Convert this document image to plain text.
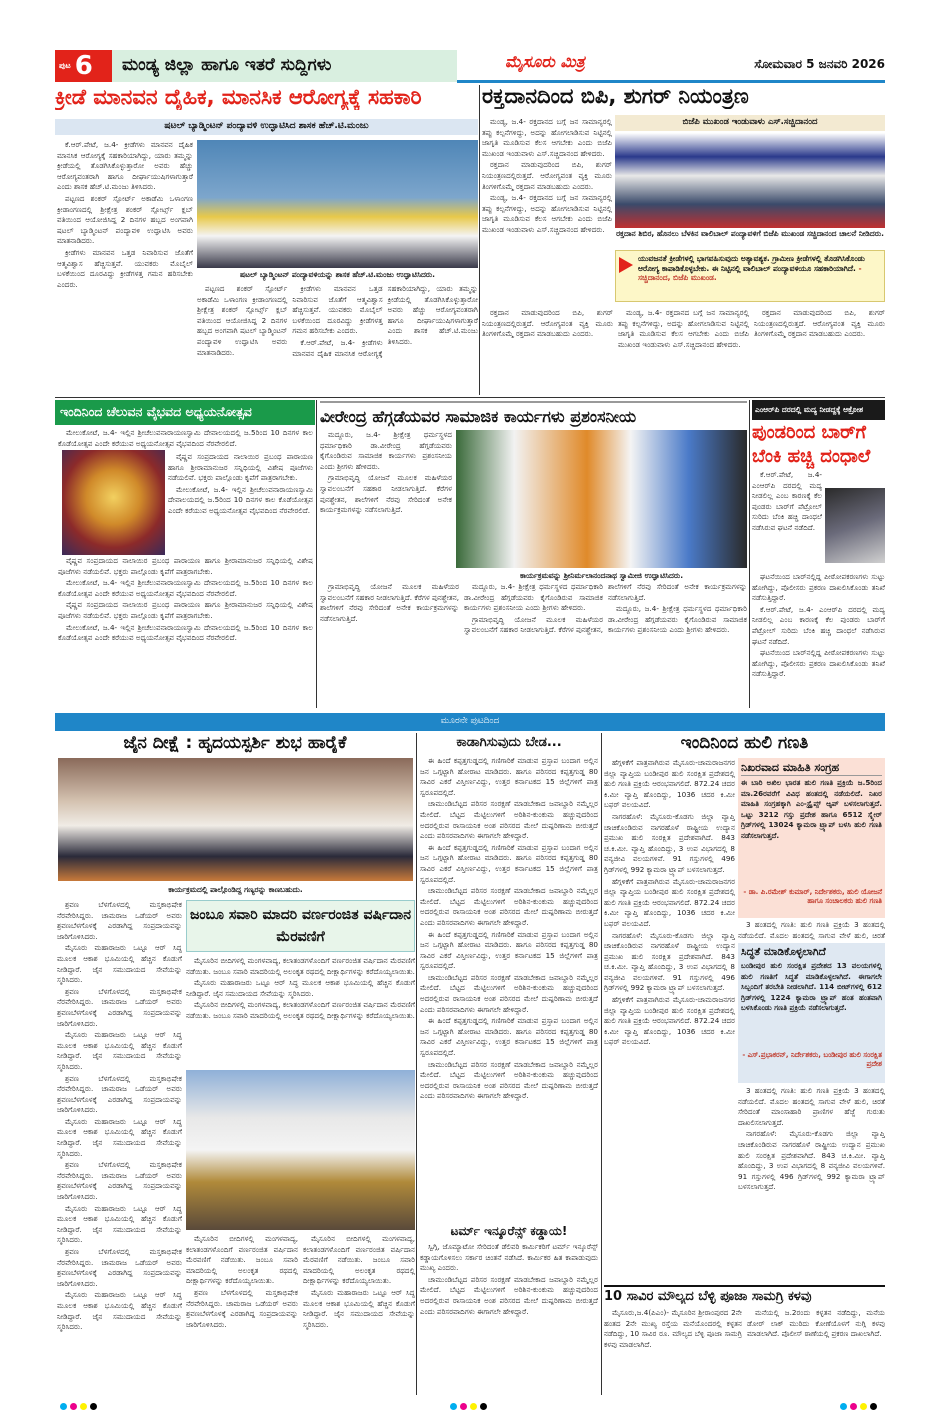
ಪುಟ 6	ಮಂಡ್ಯ ಜಿಲ್ಲಾ ಹಾಗೂ ಇತರೆ ಸುದ್ದಿಗಳು	ಮೈಸೂರು ಮಿತ್ರ	ಸೋಮವಾರ 5 ಜನವರಿ 2026
ಕ್ರೀಡೆ ಮಾನವನ ದೈಹಿಕ, ಮಾನಸಿಕ ಆರೋಗ್ಯಕ್ಕೆ ಸಹಕಾರಿ
ಷಟಲ್ ಬ್ಯಾಡ್ಮಿಂಟನ್ ಪಂದ್ಯಾವಳಿ ಉದ್ಘಾಟಿಸಿದ ಶಾಸಕ ಹೆಚ್.ಟಿ.ಮಂಜು

ಕೆ.ಆರ್.ಪೇಟೆ, ಜ.4- ಕ್ರೀಡೆಗಳು ಮಾನವನ ದೈಹಿಕ ಮಾನಸಿಕ ಆರೋಗ್ಯಕ್ಕೆ ಸಹಕಾರಿಯಾಗಿದ್ದು, ಯಾರು ತಮ್ಮನ್ನು ಕ್ರೀಡೆಯಲ್ಲಿ ತೊಡಗಿಸಿಕೊಳ್ಳುತ್ತಾರೋ ಅವರು ಹೆಚ್ಚು ಆರೋಗ್ಯವಂತರಾಗಿ ಹಾಗೂ ದೀರ್ಘಾಯುಷಿಗಳಾಗುತ್ತಾರೆ ಎಂದು ಶಾಸಕ ಹೆಚ್.ಟಿ.ಮಂಜು ತಿಳಿಸಿದರು.

ಪಟ್ಟಣದ ಶಂಕರ್ ಸ್ಪೋರ್ಟ್ ಅಕಾಡೆಮಿ ಒಳಾಂಗಣ ಕ್ರೀಡಾಂಗಣದಲ್ಲಿ ಶ್ರೀಕ್ಷೇತ್ರ ಶಂಕರ್ ಸ್ಪೋರ್ಟ್ಸ್ ಕ್ಲಬ್ ವತಿಯಿಂದ ಆಯೋಜಿಸಿದ್ದ 2 ದಿನಗಳ ಹಬ್ಬದ ಅಂಗವಾಗಿ ಷಟಲ್ ಬ್ಯಾಡ್ಮಿಂಟನ್ ಪಂದ್ಯಾವಳಿ ಉದ್ಘಾಟಿಸಿ ಅವರು ಮಾತನಾಡಿದರು.

ಕ್ರೀಡೆಗಳು ಮಾನವನ ಒತ್ತಡ ನಿವಾರಿಸುವ ಜೊತೆಗೆ ಆತ್ಮವಿಶ್ವಾಸ ಹೆಚ್ಚಿಸುತ್ತವೆ. ಯುವಕರು ಮೊಬೈಲ್ ಬಳಕೆಯಿಂದ ದೂರವಿದ್ದು ಕ್ರೀಡೆಗಳತ್ತ ಗಮನ ಹರಿಸಬೇಕು ಎಂದರು.

ಷಟಲ್ ಬ್ಯಾಡ್ಮಿಂಟನ್ ಪಂದ್ಯಾವಳಿಯನ್ನು ಶಾಸಕ ಹೆಚ್.ಟಿ.ಮಂಜು ಉದ್ಘಾಟಿಸಿದರು.

ಪಟ್ಟಣದ ಶಂಕರ್ ಸ್ಪೋರ್ಟ್ ಅಕಾಡೆಮಿ ಒಳಾಂಗಣ ಕ್ರೀಡಾಂಗಣದಲ್ಲಿ ಶ್ರೀಕ್ಷೇತ್ರ ಶಂಕರ್ ಸ್ಪೋರ್ಟ್ಸ್ ಕ್ಲಬ್ ವತಿಯಿಂದ ಆಯೋಜಿಸಿದ್ದ 2 ದಿನಗಳ ಹಬ್ಬದ ಅಂಗವಾಗಿ ಷಟಲ್ ಬ್ಯಾಡ್ಮಿಂಟನ್ ಪಂದ್ಯಾವಳಿ ಉದ್ಘಾಟಿಸಿ ಅವರು ಮಾತನಾಡಿದರು.

ಕ್ರೀಡೆಗಳು ಮಾನವನ ಒತ್ತಡ ನಿವಾರಿಸುವ ಜೊತೆಗೆ ಆತ್ಮವಿಶ್ವಾಸ ಹೆಚ್ಚಿಸುತ್ತವೆ. ಯುವಕರು ಮೊಬೈಲ್ ಬಳಕೆಯಿಂದ ದೂರವಿದ್ದು ಕ್ರೀಡೆಗಳತ್ತ ಗಮನ ಹರಿಸಬೇಕು ಎಂದರು.

ಕೆ.ಆರ್.ಪೇಟೆ, ಜ.4- ಕ್ರೀಡೆಗಳು ಮಾನವನ ದೈಹಿಕ ಮಾನಸಿಕ ಆರೋಗ್ಯಕ್ಕೆ ಸಹಕಾರಿಯಾಗಿದ್ದು, ಯಾರು ತಮ್ಮನ್ನು ಕ್ರೀಡೆಯಲ್ಲಿ ತೊಡಗಿಸಿಕೊಳ್ಳುತ್ತಾರೋ ಅವರು ಹೆಚ್ಚು ಆರೋಗ್ಯವಂತರಾಗಿ ಹಾಗೂ ದೀರ್ಘಾಯುಷಿಗಳಾಗುತ್ತಾರೆ ಎಂದು ಶಾಸಕ ಹೆಚ್.ಟಿ.ಮಂಜು ತಿಳಿಸಿದರು.

ರಕ್ತದಾನದಿಂದ ಬಿಪಿ, ಶುಗರ್ ನಿಯಂತ್ರಣ

ಮಂಡ್ಯ, ಜ.4- ರಕ್ತದಾನದ ಬಗ್ಗೆ ಜನ ಸಾಮಾನ್ಯರಲ್ಲಿ ತಪ್ಪು ಕಲ್ಪನೆಗಳಿದ್ದು, ಅದನ್ನು ಹೋಗಲಾಡಿಸುವ ನಿಟ್ಟಿನಲ್ಲಿ ಜಾಗೃತಿ ಮೂಡಿಸುವ ಕೆಲಸ ಆಗಬೇಕು ಎಂದು ಬಿಜೆಪಿ ಮುಖಂಡ ಇಂಡುವಾಳು ಎಸ್.ಸಚ್ಚಿದಾನಂದ ಹೇಳಿದರು.

ರಕ್ತದಾನ ಮಾಡುವುದರಿಂದ ಬಿಪಿ, ಶುಗರ್ ನಿಯಂತ್ರಣದಲ್ಲಿರುತ್ತದೆ. ಆರೋಗ್ಯವಂತ ವ್ಯಕ್ತಿ ಮೂರು ತಿಂಗಳಿಗೊಮ್ಮೆ ರಕ್ತದಾನ ಮಾಡಬಹುದು ಎಂದರು.

ಮಂಡ್ಯ, ಜ.4- ರಕ್ತದಾನದ ಬಗ್ಗೆ ಜನ ಸಾಮಾನ್ಯರಲ್ಲಿ ತಪ್ಪು ಕಲ್ಪನೆಗಳಿದ್ದು, ಅದನ್ನು ಹೋಗಲಾಡಿಸುವ ನಿಟ್ಟಿನಲ್ಲಿ ಜಾಗೃತಿ ಮೂಡಿಸುವ ಕೆಲಸ ಆಗಬೇಕು ಎಂದು ಬಿಜೆಪಿ ಮುಖಂಡ ಇಂಡುವಾಳು ಎಸ್.ಸಚ್ಚಿದಾನಂದ ಹೇಳಿದರು.

ಬಿಜೆಪಿ ಮುಖಂಡ ಇಂಡುವಾಳು ಎಸ್.ಸಚ್ಚಿದಾನಂದ
ರಕ್ತದಾನ ಶಿಬಿರ, ಹೊನಲು ಬೆಳಕಿನ ವಾಲಿಬಾಲ್ ಪಂದ್ಯಾವಳಿಗೆ ಬಿಜೆಪಿ ಮುಖಂಡ ಸಚ್ಚಿದಾನಂದ ಚಾಲನೆ ನೀಡಿದರು.
ಯುವಜನತೆ ಕ್ರೀಡೆಗಳಲ್ಲಿ ಭಾಗವಹಿಸುವುದು ಅತ್ಯಾವಶ್ಯಕ. ಗ್ರಾಮೀಣ ಕ್ರೀಡೆಗಳಲ್ಲಿ ತೊಡಗಿಸಿಕೊಂಡು ಆರೋಗ್ಯ ಕಾಪಾಡಿಕೊಳ್ಳಬೇಕು. ಈ ನಿಟ್ಟಿನಲ್ಲಿ ವಾಲಿಬಾಲ್ ಪಂದ್ಯಾವಳಿಯೂ ಸಹಕಾರಿಯಾಗಿದೆ. - ಸಚ್ಚಿದಾನಂದ, ಬಿಜೆಪಿ ಮುಖಂಡ.

ರಕ್ತದಾನ ಮಾಡುವುದರಿಂದ ಬಿಪಿ, ಶುಗರ್ ನಿಯಂತ್ರಣದಲ್ಲಿರುತ್ತದೆ. ಆರೋಗ್ಯವಂತ ವ್ಯಕ್ತಿ ಮೂರು ತಿಂಗಳಿಗೊಮ್ಮೆ ರಕ್ತದಾನ ಮಾಡಬಹುದು ಎಂದರು.

ಮಂಡ್ಯ, ಜ.4- ರಕ್ತದಾನದ ಬಗ್ಗೆ ಜನ ಸಾಮಾನ್ಯರಲ್ಲಿ ತಪ್ಪು ಕಲ್ಪನೆಗಳಿದ್ದು, ಅದನ್ನು ಹೋಗಲಾಡಿಸುವ ನಿಟ್ಟಿನಲ್ಲಿ ಜಾಗೃತಿ ಮೂಡಿಸುವ ಕೆಲಸ ಆಗಬೇಕು ಎಂದು ಬಿಜೆಪಿ ಮುಖಂಡ ಇಂಡುವಾಳು ಎಸ್.ಸಚ್ಚಿದಾನಂದ ಹೇಳಿದರು.

ರಕ್ತದಾನ ಮಾಡುವುದರಿಂದ ಬಿಪಿ, ಶುಗರ್ ನಿಯಂತ್ರಣದಲ್ಲಿರುತ್ತದೆ. ಆರೋಗ್ಯವಂತ ವ್ಯಕ್ತಿ ಮೂರು ತಿಂಗಳಿಗೊಮ್ಮೆ ರಕ್ತದಾನ ಮಾಡಬಹುದು ಎಂದರು.

ಇಂದಿನಿಂದ ಚೆಲುವನ ವೈಭವದ ಅಧ್ಯಯನೋತ್ಸವ

ಮೇಲುಕೋಟೆ, ಜ.4- ಇಲ್ಲಿನ ಶ್ರೀಚೆಲುವನಾರಾಯಣಸ್ವಾಮಿ ದೇವಾಲಯದಲ್ಲಿ ಜ.5ರಿಂದ 10 ದಿನಗಳ ಕಾಲ ಕೊಡೆಯೋತ್ಸವ ಎಂದೇ ಕರೆಯುವ ಅಧ್ಯಯನೋತ್ಸವ ವೈಭವದಿಂದ ನೆರವೇರಲಿದೆ.

ವೈಷ್ಣವ ಸಂಪ್ರದಾಯದ ನಾಲಾಯಿರ ಪ್ರಬಂಧ ಪಾರಾಯಣ ಹಾಗೂ ಶ್ರೀರಾಮಾನುಜರ ಸನ್ನಿಧಿಯಲ್ಲಿ ವಿಶೇಷ ಪೂಜೆಗಳು ನಡೆಯಲಿವೆ. ಭಕ್ತರು ಪಾಲ್ಗೊಂಡು ಕೃಪೆಗೆ ಪಾತ್ರರಾಗಬೇಕು.

ಮೇಲುಕೋಟೆ, ಜ.4- ಇಲ್ಲಿನ ಶ್ರೀಚೆಲುವನಾರಾಯಣಸ್ವಾಮಿ ದೇವಾಲಯದಲ್ಲಿ ಜ.5ರಿಂದ 10 ದಿನಗಳ ಕಾಲ ಕೊಡೆಯೋತ್ಸವ ಎಂದೇ ಕರೆಯುವ ಅಧ್ಯಯನೋತ್ಸವ ವೈಭವದಿಂದ ನೆರವೇರಲಿದೆ.

ವೈಷ್ಣವ ಸಂಪ್ರದಾಯದ ನಾಲಾಯಿರ ಪ್ರಬಂಧ ಪಾರಾಯಣ ಹಾಗೂ ಶ್ರೀರಾಮಾನುಜರ ಸನ್ನಿಧಿಯಲ್ಲಿ ವಿಶೇಷ ಪೂಜೆಗಳು ನಡೆಯಲಿವೆ. ಭಕ್ತರು ಪಾಲ್ಗೊಂಡು ಕೃಪೆಗೆ ಪಾತ್ರರಾಗಬೇಕು.

ಮೇಲುಕೋಟೆ, ಜ.4- ಇಲ್ಲಿನ ಶ್ರೀಚೆಲುವನಾರಾಯಣಸ್ವಾಮಿ ದೇವಾಲಯದಲ್ಲಿ ಜ.5ರಿಂದ 10 ದಿನಗಳ ಕಾಲ ಕೊಡೆಯೋತ್ಸವ ಎಂದೇ ಕರೆಯುವ ಅಧ್ಯಯನೋತ್ಸವ ವೈಭವದಿಂದ ನೆರವೇರಲಿದೆ.

ವೈಷ್ಣವ ಸಂಪ್ರದಾಯದ ನಾಲಾಯಿರ ಪ್ರಬಂಧ ಪಾರಾಯಣ ಹಾಗೂ ಶ್ರೀರಾಮಾನುಜರ ಸನ್ನಿಧಿಯಲ್ಲಿ ವಿಶೇಷ ಪೂಜೆಗಳು ನಡೆಯಲಿವೆ. ಭಕ್ತರು ಪಾಲ್ಗೊಂಡು ಕೃಪೆಗೆ ಪಾತ್ರರಾಗಬೇಕು.

ಮೇಲುಕೋಟೆ, ಜ.4- ಇಲ್ಲಿನ ಶ್ರೀಚೆಲುವನಾರಾಯಣಸ್ವಾಮಿ ದೇವಾಲಯದಲ್ಲಿ ಜ.5ರಿಂದ 10 ದಿನಗಳ ಕಾಲ ಕೊಡೆಯೋತ್ಸವ ಎಂದೇ ಕರೆಯುವ ಅಧ್ಯಯನೋತ್ಸವ ವೈಭವದಿಂದ ನೆರವೇರಲಿದೆ.

ವೀರೇಂದ್ರ ಹೆಗ್ಗಡೆಯವರ ಸಾಮಾಜಿಕ ಕಾರ್ಯಗಳು ಪ್ರಶಂಸನೀಯ

ಮದ್ದೂರು, ಜ.4- ಶ್ರೀಕ್ಷೇತ್ರ ಧರ್ಮಸ್ಥಳದ ಧರ್ಮಾಧಿಕಾರಿ ಡಾ.ವೀರೇಂದ್ರ ಹೆಗ್ಗಡೆಯವರು ಕೈಗೊಂಡಿರುವ ಸಾಮಾಜಿಕ ಕಾರ್ಯಗಳು ಪ್ರಶಂಸನೀಯ ಎಂದು ಶ್ರೀಗಳು ಹೇಳಿದರು.

ಗ್ರಾಮಾಭಿವೃದ್ಧಿ ಯೋಜನೆ ಮೂಲಕ ಮಹಿಳೆಯರ ಸ್ವಾವಲಂಬನೆಗೆ ಸಹಕಾರ ನೀಡಲಾಗುತ್ತಿದೆ. ಕೆರೆಗಳ ಪುನಶ್ಚೇತನ, ಶಾಲೆಗಳಿಗೆ ನೆರವು ಸೇರಿದಂತೆ ಅನೇಕ ಕಾರ್ಯಕ್ರಮಗಳನ್ನು ನಡೆಸಲಾಗುತ್ತಿದೆ.

ಕಾರ್ಯಕ್ರಮವನ್ನು ಶ್ರೀನಿರ್ಮಲಾನಂದನಾಥ ಸ್ವಾಮೀಜಿ ಉದ್ಘಾಟಿಸಿದರು.

ಗ್ರಾಮಾಭಿವೃದ್ಧಿ ಯೋಜನೆ ಮೂಲಕ ಮಹಿಳೆಯರ ಸ್ವಾವಲಂಬನೆಗೆ ಸಹಕಾರ ನೀಡಲಾಗುತ್ತಿದೆ. ಕೆರೆಗಳ ಪುನಶ್ಚೇತನ, ಶಾಲೆಗಳಿಗೆ ನೆರವು ಸೇರಿದಂತೆ ಅನೇಕ ಕಾರ್ಯಕ್ರಮಗಳನ್ನು ನಡೆಸಲಾಗುತ್ತಿದೆ.

ಮದ್ದೂರು, ಜ.4- ಶ್ರೀಕ್ಷೇತ್ರ ಧರ್ಮಸ್ಥಳದ ಧರ್ಮಾಧಿಕಾರಿ ಡಾ.ವೀರೇಂದ್ರ ಹೆಗ್ಗಡೆಯವರು ಕೈಗೊಂಡಿರುವ ಸಾಮಾಜಿಕ ಕಾರ್ಯಗಳು ಪ್ರಶಂಸನೀಯ ಎಂದು ಶ್ರೀಗಳು ಹೇಳಿದರು.

ಗ್ರಾಮಾಭಿವೃದ್ಧಿ ಯೋಜನೆ ಮೂಲಕ ಮಹಿಳೆಯರ ಸ್ವಾವಲಂಬನೆಗೆ ಸಹಕಾರ ನೀಡಲಾಗುತ್ತಿದೆ. ಕೆರೆಗಳ ಪುನಶ್ಚೇತನ, ಶಾಲೆಗಳಿಗೆ ನೆರವು ಸೇರಿದಂತೆ ಅನೇಕ ಕಾರ್ಯಕ್ರಮಗಳನ್ನು ನಡೆಸಲಾಗುತ್ತಿದೆ.

ಮದ್ದೂರು, ಜ.4- ಶ್ರೀಕ್ಷೇತ್ರ ಧರ್ಮಸ್ಥಳದ ಧರ್ಮಾಧಿಕಾರಿ ಡಾ.ವೀರೇಂದ್ರ ಹೆಗ್ಗಡೆಯವರು ಕೈಗೊಂಡಿರುವ ಸಾಮಾಜಿಕ ಕಾರ್ಯಗಳು ಪ್ರಶಂಸನೀಯ ಎಂದು ಶ್ರೀಗಳು ಹೇಳಿದರು.

ಎಂಆರ್‌ಪಿ ದರದಲ್ಲಿ ಮದ್ಯ ನೀಡದ್ದಕ್ಕೆ ಆಕ್ರೋಶ
ಪುಂಡರಿಂದ ಬಾರ್‌ಗೆ ಬೆಂಕಿ ಹಚ್ಚಿ ದಂಧಾಲೆ

ಕೆ.ಆರ್.ಪೇಟೆ, ಜ.4- ಎಂಆರ್‌ಪಿ ದರದಲ್ಲಿ ಮದ್ಯ ನೀಡಲಿಲ್ಲ ಎಂಬ ಕಾರಣಕ್ಕೆ ಕೆಲ ಪುಂಡರು ಬಾರ್‌ಗೆ ಪೆಟ್ರೋಲ್ ಸುರಿದು ಬೆಂಕಿ ಹಚ್ಚಿ ದಾಂಧಲೆ ನಡೆಸಿರುವ ಘಟನೆ ನಡೆದಿದೆ.

ಘಟನೆಯಿಂದ ಬಾರ್‌ನಲ್ಲಿದ್ದ ಪೀಠೋಪಕರಣಗಳು ಸುಟ್ಟು ಹೋಗಿದ್ದು, ಪೊಲೀಸರು ಪ್ರಕರಣ ದಾಖಲಿಸಿಕೊಂಡು ತನಿಖೆ ನಡೆಸುತ್ತಿದ್ದಾರೆ.

ಕೆ.ಆರ್.ಪೇಟೆ, ಜ.4- ಎಂಆರ್‌ಪಿ ದರದಲ್ಲಿ ಮದ್ಯ ನೀಡಲಿಲ್ಲ ಎಂಬ ಕಾರಣಕ್ಕೆ ಕೆಲ ಪುಂಡರು ಬಾರ್‌ಗೆ ಪೆಟ್ರೋಲ್ ಸುರಿದು ಬೆಂಕಿ ಹಚ್ಚಿ ದಾಂಧಲೆ ನಡೆಸಿರುವ ಘಟನೆ ನಡೆದಿದೆ.

ಘಟನೆಯಿಂದ ಬಾರ್‌ನಲ್ಲಿದ್ದ ಪೀಠೋಪಕರಣಗಳು ಸುಟ್ಟು ಹೋಗಿದ್ದು, ಪೊಲೀಸರು ಪ್ರಕರಣ ದಾಖಲಿಸಿಕೊಂಡು ತನಿಖೆ ನಡೆಸುತ್ತಿದ್ದಾರೆ.

ಮೂರನೇ ಪುಟದಿಂದ
ಜೈನ ದೀಕ್ಷೆ : ಹೃದಯಸ್ಪರ್ಶಿ ಶುಭ ಹಾರೈಕೆ
ಕಾರ್ಯಕ್ರಮದಲ್ಲಿ ಪಾಲ್ಗೊಂಡಿದ್ದ ಗಣ್ಯರನ್ನು ಕಾಣಬಹುದು.

ಶ್ರವಣ ಬೆಳಗೊಳದಲ್ಲಿ ಮಸ್ತಕಾಭಿಷೇಕ ನೆರವೇರಿಸಿದ್ದರು. ಚಾಮರಾಜ ಒಡೆಯರ್ ಅವರು ಶ್ರವಣಬೆಳಗೊಳಕ್ಕೆ ಎರಡಾಗಿದ್ದ ಸಂಪ್ರದಾಯವನ್ನು ಜಾರಿಗೊಳಿಸಿದರು.

ಮೈಸೂರು ಮಹಾರಾಜರು ಒಟ್ಟೂ ಆರ್ ಸಿದ್ಧ ಮೂಲಕ ಆಕಾಶ ಭೂಮಿಯಲ್ಲಿ ಹೆಚ್ಚಿನ ಕೊಡುಗೆ ನೀಡಿದ್ದಾರೆ. ಜೈನ ಸಮುದಾಯದ ಸೇವೆಯನ್ನು ಸ್ಮರಿಸಿದರು.

ಶ್ರವಣ ಬೆಳಗೊಳದಲ್ಲಿ ಮಸ್ತಕಾಭಿಷೇಕ ನೆರವೇರಿಸಿದ್ದರು. ಚಾಮರಾಜ ಒಡೆಯರ್ ಅವರು ಶ್ರವಣಬೆಳಗೊಳಕ್ಕೆ ಎರಡಾಗಿದ್ದ ಸಂಪ್ರದಾಯವನ್ನು ಜಾರಿಗೊಳಿಸಿದರು.

ಮೈಸೂರು ಮಹಾರಾಜರು ಒಟ್ಟೂ ಆರ್ ಸಿದ್ಧ ಮೂಲಕ ಆಕಾಶ ಭೂಮಿಯಲ್ಲಿ ಹೆಚ್ಚಿನ ಕೊಡುಗೆ ನೀಡಿದ್ದಾರೆ. ಜೈನ ಸಮುದಾಯದ ಸೇವೆಯನ್ನು ಸ್ಮರಿಸಿದರು.

ಶ್ರವಣ ಬೆಳಗೊಳದಲ್ಲಿ ಮಸ್ತಕಾಭಿಷೇಕ ನೆರವೇರಿಸಿದ್ದರು. ಚಾಮರಾಜ ಒಡೆಯರ್ ಅವರು ಶ್ರವಣಬೆಳಗೊಳಕ್ಕೆ ಎರಡಾಗಿದ್ದ ಸಂಪ್ರದಾಯವನ್ನು ಜಾರಿಗೊಳಿಸಿದರು.

ಮೈಸೂರು ಮಹಾರಾಜರು ಒಟ್ಟೂ ಆರ್ ಸಿದ್ಧ ಮೂಲಕ ಆಕಾಶ ಭೂಮಿಯಲ್ಲಿ ಹೆಚ್ಚಿನ ಕೊಡುಗೆ ನೀಡಿದ್ದಾರೆ. ಜೈನ ಸಮುದಾಯದ ಸೇವೆಯನ್ನು ಸ್ಮರಿಸಿದರು.

ಶ್ರವಣ ಬೆಳಗೊಳದಲ್ಲಿ ಮಸ್ತಕಾಭಿಷೇಕ ನೆರವೇರಿಸಿದ್ದರು. ಚಾಮರಾಜ ಒಡೆಯರ್ ಅವರು ಶ್ರವಣಬೆಳಗೊಳಕ್ಕೆ ಎರಡಾಗಿದ್ದ ಸಂಪ್ರದಾಯವನ್ನು ಜಾರಿಗೊಳಿಸಿದರು.

ಮೈಸೂರು ಮಹಾರಾಜರು ಒಟ್ಟೂ ಆರ್ ಸಿದ್ಧ ಮೂಲಕ ಆಕಾಶ ಭೂಮಿಯಲ್ಲಿ ಹೆಚ್ಚಿನ ಕೊಡುಗೆ ನೀಡಿದ್ದಾರೆ. ಜೈನ ಸಮುದಾಯದ ಸೇವೆಯನ್ನು ಸ್ಮರಿಸಿದರು.

ಶ್ರವಣ ಬೆಳಗೊಳದಲ್ಲಿ ಮಸ್ತಕಾಭಿಷೇಕ ನೆರವೇರಿಸಿದ್ದರು. ಚಾಮರಾಜ ಒಡೆಯರ್ ಅವರು ಶ್ರವಣಬೆಳಗೊಳಕ್ಕೆ ಎರಡಾಗಿದ್ದ ಸಂಪ್ರದಾಯವನ್ನು ಜಾರಿಗೊಳಿಸಿದರು.

ಮೈಸೂರು ಮಹಾರಾಜರು ಒಟ್ಟೂ ಆರ್ ಸಿದ್ಧ ಮೂಲಕ ಆಕಾಶ ಭೂಮಿಯಲ್ಲಿ ಹೆಚ್ಚಿನ ಕೊಡುಗೆ ನೀಡಿದ್ದಾರೆ. ಜೈನ ಸಮುದಾಯದ ಸೇವೆಯನ್ನು ಸ್ಮರಿಸಿದರು.

ಜಂಬೂ ಸವಾರಿ ಮಾದರಿ ವರ್ಣರಂಜಿತ ವರ್ಷಿದಾನ ಮೆರವಣಿಗೆ

ಮೈಸೂರಿನ ಬೀದಿಗಳಲ್ಲಿ ಮಂಗಳವಾದ್ಯ, ಕಲಾತಂಡಗಳೊಂದಿಗೆ ವರ್ಣರಂಜಿತ ವರ್ಷಿದಾನ ಮೆರವಣಿಗೆ ನಡೆಯಿತು. ಜಂಬೂ ಸವಾರಿ ಮಾದರಿಯಲ್ಲಿ ಅಲಂಕೃತ ರಥದಲ್ಲಿ ದೀಕ್ಷಾರ್ಥಿಗಳನ್ನು ಕರೆದೊಯ್ಯಲಾಯಿತು.

ಮೈಸೂರು ಮಹಾರಾಜರು ಒಟ್ಟೂ ಆರ್ ಸಿದ್ಧ ಮೂಲಕ ಆಕಾಶ ಭೂಮಿಯಲ್ಲಿ ಹೆಚ್ಚಿನ ಕೊಡುಗೆ ನೀಡಿದ್ದಾರೆ. ಜೈನ ಸಮುದಾಯದ ಸೇವೆಯನ್ನು ಸ್ಮರಿಸಿದರು.

ಮೈಸೂರಿನ ಬೀದಿಗಳಲ್ಲಿ ಮಂಗಳವಾದ್ಯ, ಕಲಾತಂಡಗಳೊಂದಿಗೆ ವರ್ಣರಂಜಿತ ವರ್ಷಿದಾನ ಮೆರವಣಿಗೆ ನಡೆಯಿತು. ಜಂಬೂ ಸವಾರಿ ಮಾದರಿಯಲ್ಲಿ ಅಲಂಕೃತ ರಥದಲ್ಲಿ ದೀಕ್ಷಾರ್ಥಿಗಳನ್ನು ಕರೆದೊಯ್ಯಲಾಯಿತು.

ಮೈಸೂರಿನ ಬೀದಿಗಳಲ್ಲಿ ಮಂಗಳವಾದ್ಯ, ಕಲಾತಂಡಗಳೊಂದಿಗೆ ವರ್ಣರಂಜಿತ ವರ್ಷಿದಾನ ಮೆರವಣಿಗೆ ನಡೆಯಿತು. ಜಂಬೂ ಸವಾರಿ ಮಾದರಿಯಲ್ಲಿ ಅಲಂಕೃತ ರಥದಲ್ಲಿ ದೀಕ್ಷಾರ್ಥಿಗಳನ್ನು ಕರೆದೊಯ್ಯಲಾಯಿತು.

ಶ್ರವಣ ಬೆಳಗೊಳದಲ್ಲಿ ಮಸ್ತಕಾಭಿಷೇಕ ನೆರವೇರಿಸಿದ್ದರು. ಚಾಮರಾಜ ಒಡೆಯರ್ ಅವರು ಶ್ರವಣಬೆಳಗೊಳಕ್ಕೆ ಎರಡಾಗಿದ್ದ ಸಂಪ್ರದಾಯವನ್ನು ಜಾರಿಗೊಳಿಸಿದರು.

ಮೈಸೂರಿನ ಬೀದಿಗಳಲ್ಲಿ ಮಂಗಳವಾದ್ಯ, ಕಲಾತಂಡಗಳೊಂದಿಗೆ ವರ್ಣರಂಜಿತ ವರ್ಷಿದಾನ ಮೆರವಣಿಗೆ ನಡೆಯಿತು. ಜಂಬೂ ಸವಾರಿ ಮಾದರಿಯಲ್ಲಿ ಅಲಂಕೃತ ರಥದಲ್ಲಿ ದೀಕ್ಷಾರ್ಥಿಗಳನ್ನು ಕರೆದೊಯ್ಯಲಾಯಿತು.

ಮೈಸೂರು ಮಹಾರಾಜರು ಒಟ್ಟೂ ಆರ್ ಸಿದ್ಧ ಮೂಲಕ ಆಕಾಶ ಭೂಮಿಯಲ್ಲಿ ಹೆಚ್ಚಿನ ಕೊಡುಗೆ ನೀಡಿದ್ದಾರೆ. ಜೈನ ಸಮುದಾಯದ ಸೇವೆಯನ್ನು ಸ್ಮರಿಸಿದರು.

ಕಾಡಾಗಿಸುವುದು ಬೇಡ...

ಈ ಹಿಂದೆ ಕಪ್ಪತ್ತಗುಡ್ಡದಲ್ಲಿ ಗಣಿಗಾರಿಕೆ ಮಾಡುವ ಪ್ರಸ್ತಾಪ ಬಂದಾಗ ಅಲ್ಲಿನ ಜನ ಒಗ್ಗಟ್ಟಾಗಿ ಹೋರಾಟ ಮಾಡಿದರು. ಹಾಗೂ ಪರಿಸರದ ಕಪ್ಪತ್ತಗುಡ್ಡ 80 ಸಾವಿರ ಎಕರೆ ವಿಸ್ತೀರ್ಣವಿದ್ದು, ಉತ್ತರ ಕರ್ನಾಟಕದ 15 ಜಿಲ್ಲೆಗಳಿಗೆ ಪಾತ್ರ ಸ್ವರೂಪದಲ್ಲಿದೆ.

ಚಾಮುಂಡಿಬೆಟ್ಟದ ಪರಿಸರ ಸಂರಕ್ಷಣೆ ಮಾಡಬೇಕಾದ ಜವಾಬ್ದಾರಿ ನಮ್ಮೆಲ್ಲರ ಮೇಲಿದೆ. ಬೆಟ್ಟದ ಮೆಟ್ಟಿಲುಗಳಿಗೆ ಅರಿಶಿನ-ಕುಂಕುಮ ಹಚ್ಚುವುದರಿಂದ ಅದರಲ್ಲಿರುವ ರಾಸಾಯನಿಕ ಅಂಶ ಪರಿಸರದ ಮೇಲೆ ದುಷ್ಪರಿಣಾಮ ಬೀರುತ್ತದೆ ಎಂದು ಪರಿಸರವಾದಿಗಳು ಈಗಾಗಲೇ ಹೇಳಿದ್ದಾರೆ.

ಈ ಹಿಂದೆ ಕಪ್ಪತ್ತಗುಡ್ಡದಲ್ಲಿ ಗಣಿಗಾರಿಕೆ ಮಾಡುವ ಪ್ರಸ್ತಾಪ ಬಂದಾಗ ಅಲ್ಲಿನ ಜನ ಒಗ್ಗಟ್ಟಾಗಿ ಹೋರಾಟ ಮಾಡಿದರು. ಹಾಗೂ ಪರಿಸರದ ಕಪ್ಪತ್ತಗುಡ್ಡ 80 ಸಾವಿರ ಎಕರೆ ವಿಸ್ತೀರ್ಣವಿದ್ದು, ಉತ್ತರ ಕರ್ನಾಟಕದ 15 ಜಿಲ್ಲೆಗಳಿಗೆ ಪಾತ್ರ ಸ್ವರೂಪದಲ್ಲಿದೆ.

ಚಾಮುಂಡಿಬೆಟ್ಟದ ಪರಿಸರ ಸಂರಕ್ಷಣೆ ಮಾಡಬೇಕಾದ ಜವಾಬ್ದಾರಿ ನಮ್ಮೆಲ್ಲರ ಮೇಲಿದೆ. ಬೆಟ್ಟದ ಮೆಟ್ಟಿಲುಗಳಿಗೆ ಅರಿಶಿನ-ಕುಂಕುಮ ಹಚ್ಚುವುದರಿಂದ ಅದರಲ್ಲಿರುವ ರಾಸಾಯನಿಕ ಅಂಶ ಪರಿಸರದ ಮೇಲೆ ದುಷ್ಪರಿಣಾಮ ಬೀರುತ್ತದೆ ಎಂದು ಪರಿಸರವಾದಿಗಳು ಈಗಾಗಲೇ ಹೇಳಿದ್ದಾರೆ.

ಈ ಹಿಂದೆ ಕಪ್ಪತ್ತಗುಡ್ಡದಲ್ಲಿ ಗಣಿಗಾರಿಕೆ ಮಾಡುವ ಪ್ರಸ್ತಾಪ ಬಂದಾಗ ಅಲ್ಲಿನ ಜನ ಒಗ್ಗಟ್ಟಾಗಿ ಹೋರಾಟ ಮಾಡಿದರು. ಹಾಗೂ ಪರಿಸರದ ಕಪ್ಪತ್ತಗುಡ್ಡ 80 ಸಾವಿರ ಎಕರೆ ವಿಸ್ತೀರ್ಣವಿದ್ದು, ಉತ್ತರ ಕರ್ನಾಟಕದ 15 ಜಿಲ್ಲೆಗಳಿಗೆ ಪಾತ್ರ ಸ್ವರೂಪದಲ್ಲಿದೆ.

ಚಾಮುಂಡಿಬೆಟ್ಟದ ಪರಿಸರ ಸಂರಕ್ಷಣೆ ಮಾಡಬೇಕಾದ ಜವಾಬ್ದಾರಿ ನಮ್ಮೆಲ್ಲರ ಮೇಲಿದೆ. ಬೆಟ್ಟದ ಮೆಟ್ಟಿಲುಗಳಿಗೆ ಅರಿಶಿನ-ಕುಂಕುಮ ಹಚ್ಚುವುದರಿಂದ ಅದರಲ್ಲಿರುವ ರಾಸಾಯನಿಕ ಅಂಶ ಪರಿಸರದ ಮೇಲೆ ದುಷ್ಪರಿಣಾಮ ಬೀರುತ್ತದೆ ಎಂದು ಪರಿಸರವಾದಿಗಳು ಈಗಾಗಲೇ ಹೇಳಿದ್ದಾರೆ.

ಈ ಹಿಂದೆ ಕಪ್ಪತ್ತಗುಡ್ಡದಲ್ಲಿ ಗಣಿಗಾರಿಕೆ ಮಾಡುವ ಪ್ರಸ್ತಾಪ ಬಂದಾಗ ಅಲ್ಲಿನ ಜನ ಒಗ್ಗಟ್ಟಾಗಿ ಹೋರಾಟ ಮಾಡಿದರು. ಹಾಗೂ ಪರಿಸರದ ಕಪ್ಪತ್ತಗುಡ್ಡ 80 ಸಾವಿರ ಎಕರೆ ವಿಸ್ತೀರ್ಣವಿದ್ದು, ಉತ್ತರ ಕರ್ನಾಟಕದ 15 ಜಿಲ್ಲೆಗಳಿಗೆ ಪಾತ್ರ ಸ್ವರೂಪದಲ್ಲಿದೆ.

ಚಾಮುಂಡಿಬೆಟ್ಟದ ಪರಿಸರ ಸಂರಕ್ಷಣೆ ಮಾಡಬೇಕಾದ ಜವಾಬ್ದಾರಿ ನಮ್ಮೆಲ್ಲರ ಮೇಲಿದೆ. ಬೆಟ್ಟದ ಮೆಟ್ಟಿಲುಗಳಿಗೆ ಅರಿಶಿನ-ಕುಂಕುಮ ಹಚ್ಚುವುದರಿಂದ ಅದರಲ್ಲಿರುವ ರಾಸಾಯನಿಕ ಅಂಶ ಪರಿಸರದ ಮೇಲೆ ದುಷ್ಪರಿಣಾಮ ಬೀರುತ್ತದೆ ಎಂದು ಪರಿಸರವಾದಿಗಳು ಈಗಾಗಲೇ ಹೇಳಿದ್ದಾರೆ.

ಟರ್ಮ್ ಇನ್ಶೂರೆನ್ಸ್ ಕಡ್ಡಾಯ!

ಸ್ವಿಗ್ಗಿ, ಜೊಮ್ಯಾಟೋ ಸೇರಿದಂತೆ ಡೆಲಿವರಿ ಕಾರ್ಮಿಕರಿಗೆ ಟರ್ಮ್ ಇನ್ಶೂರೆನ್ಸ್ ಕಡ್ಡಾಯಗೊಳಿಸಲು ಸರ್ಕಾರ ಚಿಂತನೆ ನಡೆಸಿದೆ. ಕಾರ್ಮಿಕರ ಹಿತ ಕಾಪಾಡುವುದು ಮುಖ್ಯ ಎಂದರು.

ಚಾಮುಂಡಿಬೆಟ್ಟದ ಪರಿಸರ ಸಂರಕ್ಷಣೆ ಮಾಡಬೇಕಾದ ಜವಾಬ್ದಾರಿ ನಮ್ಮೆಲ್ಲರ ಮೇಲಿದೆ. ಬೆಟ್ಟದ ಮೆಟ್ಟಿಲುಗಳಿಗೆ ಅರಿಶಿನ-ಕುಂಕುಮ ಹಚ್ಚುವುದರಿಂದ ಅದರಲ್ಲಿರುವ ರಾಸಾಯನಿಕ ಅಂಶ ಪರಿಸರದ ಮೇಲೆ ದುಷ್ಪರಿಣಾಮ ಬೀರುತ್ತದೆ ಎಂದು ಪರಿಸರವಾದಿಗಳು ಈಗಾಗಲೇ ಹೇಳಿದ್ದಾರೆ.

ಇಂದಿನಿಂದ ಹುಲಿ ಗಣತಿ

ಹೆಗ್ಗಳಿಕೆಗೆ ಪಾತ್ರವಾಗಿರುವ ಮೈಸೂರು-ಚಾಮರಾಜನಗರ ಜಿಲ್ಲಾ ವ್ಯಾಪ್ತಿಯ ಬಂಡೀಪುರ ಹುಲಿ ಸಂರಕ್ಷಿತ ಪ್ರದೇಶದಲ್ಲಿ ಹುಲಿ ಗಣತಿ ಪ್ರಕ್ರಿಯೆ ಆರಂಭವಾಗಲಿದೆ. 872.24 ಚದರ ಕಿ.ಮೀ ವ್ಯಾಪ್ತಿ ಹೊಂದಿದ್ದು, 1036 ಚದರ ಕಿ.ಮೀ ಬಫರ್ ವಲಯವಿದೆ.

ನಾಗರಹೊಳೆ: ಮೈಸೂರು-ಕೊಡಗು ಜಿಲ್ಲಾ ವ್ಯಾಪ್ತಿ ಚಾಚಿಕೊಂಡಿರುವ ನಾಗರಹೊಳೆ ರಾಷ್ಟ್ರೀಯ ಉದ್ಯಾನ ಪ್ರಮುಖ ಹುಲಿ ಸಂರಕ್ಷಿತ ಪ್ರದೇಶವಾಗಿದೆ. 843 ಚ.ಕಿ.ಮೀ. ವ್ಯಾಪ್ತಿ ಹೊಂದಿದ್ದು, 3 ಉಪ ವಿಭಾಗದಲ್ಲಿ 8 ವನ್ಯಜೀವಿ ವಲಯಗಳಿವೆ. 91 ಗಸ್ತುಗಳಲ್ಲಿ 496 ಗ್ರಿಡ್‌ಗಳಲ್ಲಿ 992 ಕ್ಯಾಮರಾ ಟ್ರ್ಯಾಪ್ ಬಳಸಲಾಗುತ್ತದೆ.

ಹೆಗ್ಗಳಿಕೆಗೆ ಪಾತ್ರವಾಗಿರುವ ಮೈಸೂರು-ಚಾಮರಾಜನಗರ ಜಿಲ್ಲಾ ವ್ಯಾಪ್ತಿಯ ಬಂಡೀಪುರ ಹುಲಿ ಸಂರಕ್ಷಿತ ಪ್ರದೇಶದಲ್ಲಿ ಹುಲಿ ಗಣತಿ ಪ್ರಕ್ರಿಯೆ ಆರಂಭವಾಗಲಿದೆ. 872.24 ಚದರ ಕಿ.ಮೀ ವ್ಯಾಪ್ತಿ ಹೊಂದಿದ್ದು, 1036 ಚದರ ಕಿ.ಮೀ ಬಫರ್ ವಲಯವಿದೆ.

ನಾಗರಹೊಳೆ: ಮೈಸೂರು-ಕೊಡಗು ಜಿಲ್ಲಾ ವ್ಯಾಪ್ತಿ ಚಾಚಿಕೊಂಡಿರುವ ನಾಗರಹೊಳೆ ರಾಷ್ಟ್ರೀಯ ಉದ್ಯಾನ ಪ್ರಮುಖ ಹುಲಿ ಸಂರಕ್ಷಿತ ಪ್ರದೇಶವಾಗಿದೆ. 843 ಚ.ಕಿ.ಮೀ. ವ್ಯಾಪ್ತಿ ಹೊಂದಿದ್ದು, 3 ಉಪ ವಿಭಾಗದಲ್ಲಿ 8 ವನ್ಯಜೀವಿ ವಲಯಗಳಿವೆ. 91 ಗಸ್ತುಗಳಲ್ಲಿ 496 ಗ್ರಿಡ್‌ಗಳಲ್ಲಿ 992 ಕ್ಯಾಮರಾ ಟ್ರ್ಯಾಪ್ ಬಳಸಲಾಗುತ್ತದೆ.

ಹೆಗ್ಗಳಿಕೆಗೆ ಪಾತ್ರವಾಗಿರುವ ಮೈಸೂರು-ಚಾಮರಾಜನಗರ ಜಿಲ್ಲಾ ವ್ಯಾಪ್ತಿಯ ಬಂಡೀಪುರ ಹುಲಿ ಸಂರಕ್ಷಿತ ಪ್ರದೇಶದಲ್ಲಿ ಹುಲಿ ಗಣತಿ ಪ್ರಕ್ರಿಯೆ ಆರಂಭವಾಗಲಿದೆ. 872.24 ಚದರ ಕಿ.ಮೀ ವ್ಯಾಪ್ತಿ ಹೊಂದಿದ್ದು, 1036 ಚದರ ಕಿ.ಮೀ ಬಫರ್ ವಲಯವಿದೆ.

ನಿಖರವಾದ ಮಾಹಿತಿ ಸಂಗ್ರಹ
ಈ ಬಾರಿ ಅಖಿಲ ಭಾರತ ಹುಲಿ ಗಣತಿ ಪ್ರಕ್ರಿಯೆ ಜ.5ರಿಂದ ಮಾ.26ರವರೆಗೆ ವಿವಿಧ ಹಂತದಲ್ಲಿ ನಡೆಯಲಿದೆ. ನಿಖರ ಮಾಹಿತಿ ಸಂಗ್ರಹಕ್ಕಾಗಿ ಎಂ-ಸ್ಟ್ರೈಪ್ಸ್ ಆ್ಯಪ್ ಬಳಸಲಾಗುತ್ತದೆ. ಒಟ್ಟು 3212 ಗಸ್ತು ಪ್ರದೇಶ ಹಾಗೂ 6512 ಸ್ಕ್ವೇರ್ ಗ್ರಿಡ್‌ಗಳಲ್ಲಿ 13024 ಕ್ಯಾಮರಾ ಟ್ರ್ಯಾಪ್ ಬಳಸಿ ಹುಲಿ ಗಣತಿ ನಡೆಸಲಾಗುತ್ತದೆ.
- ಡಾ. ಪಿ.ರಮೇಶ್ ಕುಮಾರ್, ನಿರ್ದೇಶಕರು, ಹುಲಿ ಯೋಜನೆ ಹಾಗೂ ಸಂಚಾಲಕರು ಹುಲಿ ಗಣತಿ

3 ಹಂತದಲ್ಲಿ ಗಣತಿ: ಹುಲಿ ಗಣತಿ ಪ್ರಕ್ರಿಯೆ 3 ಹಂತದಲ್ಲಿ ನಡೆಯಲಿದೆ. ಮೊದಲ ಹಂತದಲ್ಲಿ ಸಾಗುವ ವೇಳೆ ಹುಲಿ, ಚಿರತೆ

ಸಿದ್ಧತೆ ಮಾಡಿಕೊಳ್ಳಲಾಗಿದೆ
ಬಂಡೀಪುರ ಹುಲಿ ಸಂರಕ್ಷಿತ ಪ್ರದೇಶದ 13 ವಲಯಗಳಲ್ಲಿ ಹುಲಿ ಗಣತಿಗೆ ಸಿದ್ಧತೆ ಮಾಡಿಕೊಳ್ಳಲಾಗಿದೆ. ಈಗಾಗಲೇ ಸಿಬ್ಬಂದಿಗೆ ತರಬೇತಿ ನೀಡಲಾಗಿದೆ. 114 ಬೀಟ್‌ಗಳಲ್ಲಿ 612 ಗ್ರಿಡ್‌ಗಳಲ್ಲಿ 1224 ಕ್ಯಾಮರಾ ಟ್ರ್ಯಾಪ್ ಹಂತ ಹಂತವಾಗಿ ಬಳಸಿಕೊಂಡು ಗಣತಿ ಪ್ರಕ್ರಿಯೆ ನಡೆಸಲಾಗುತ್ತದೆ.
- ಎಸ್.ಪ್ರಭಾಕರನ್, ನಿರ್ದೇಶಕರು, ಬಂಡೀಪುರ ಹುಲಿ ಸಂರಕ್ಷಿತ ಪ್ರದೇಶ

3 ಹಂತದಲ್ಲಿ ಗಣತಿ: ಹುಲಿ ಗಣತಿ ಪ್ರಕ್ರಿಯೆ 3 ಹಂತದಲ್ಲಿ ನಡೆಯಲಿದೆ. ಮೊದಲ ಹಂತದಲ್ಲಿ ಸಾಗುವ ವೇಳೆ ಹುಲಿ, ಚಿರತೆ ಸೇರಿದಂತೆ ಮಾಂಸಾಹಾರಿ ಪ್ರಾಣಿಗಳ ಹೆಜ್ಜೆ ಗುರುತು ದಾಖಲಿಸಲಾಗುತ್ತದೆ.

ನಾಗರಹೊಳೆ: ಮೈಸೂರು-ಕೊಡಗು ಜಿಲ್ಲಾ ವ್ಯಾಪ್ತಿ ಚಾಚಿಕೊಂಡಿರುವ ನಾಗರಹೊಳೆ ರಾಷ್ಟ್ರೀಯ ಉದ್ಯಾನ ಪ್ರಮುಖ ಹುಲಿ ಸಂರಕ್ಷಿತ ಪ್ರದೇಶವಾಗಿದೆ. 843 ಚ.ಕಿ.ಮೀ. ವ್ಯಾಪ್ತಿ ಹೊಂದಿದ್ದು, 3 ಉಪ ವಿಭಾಗದಲ್ಲಿ 8 ವನ್ಯಜೀವಿ ವಲಯಗಳಿವೆ. 91 ಗಸ್ತುಗಳಲ್ಲಿ 496 ಗ್ರಿಡ್‌ಗಳಲ್ಲಿ 992 ಕ್ಯಾಮರಾ ಟ್ರ್ಯಾಪ್ ಬಳಸಲಾಗುತ್ತದೆ.

10 ಸಾವಿರ ಮೌಲ್ಯದ ಬೆಳ್ಳಿ ಪೂಜಾ ಸಾಮಗ್ರಿ ಕಳವು

ಮೈಸೂರು,ಜ.4(ಪಿಎಂ)- ಮೈಸೂರಿನ ಶ್ರೀರಾಂಪುರದ 2ನೇ ಹಂತದ 2ನೇ ಮುಖ್ಯ ರಸ್ತೆಯ ಮನೆಯೊಂದರಲ್ಲಿ ಕಳ್ಳತನ ನಡೆದಿದ್ದು, 10 ಸಾವಿರ ರೂ. ಮೌಲ್ಯದ ಬೆಳ್ಳಿ ಪೂಜಾ ಸಾಮಗ್ರಿ ಕಳವು ಮಾಡಲಾಗಿದೆ.

ಮನೆಯಲ್ಲಿ ಜ.2ರಂದು ಕಳ್ಳತನ ನಡೆದಿದ್ದು, ಮನೆಯ ಡೋರ್ ಲಾಕ್ ಮುರಿದು ಕೋಣೆಯೊಳಗೆ ನುಗ್ಗಿ ಕಳವು ಮಾಡಲಾಗಿದೆ. ಪೊಲೀಸ್ ಠಾಣೆಯಲ್ಲಿ ಪ್ರಕರಣ ದಾಖಲಾಗಿದೆ.
